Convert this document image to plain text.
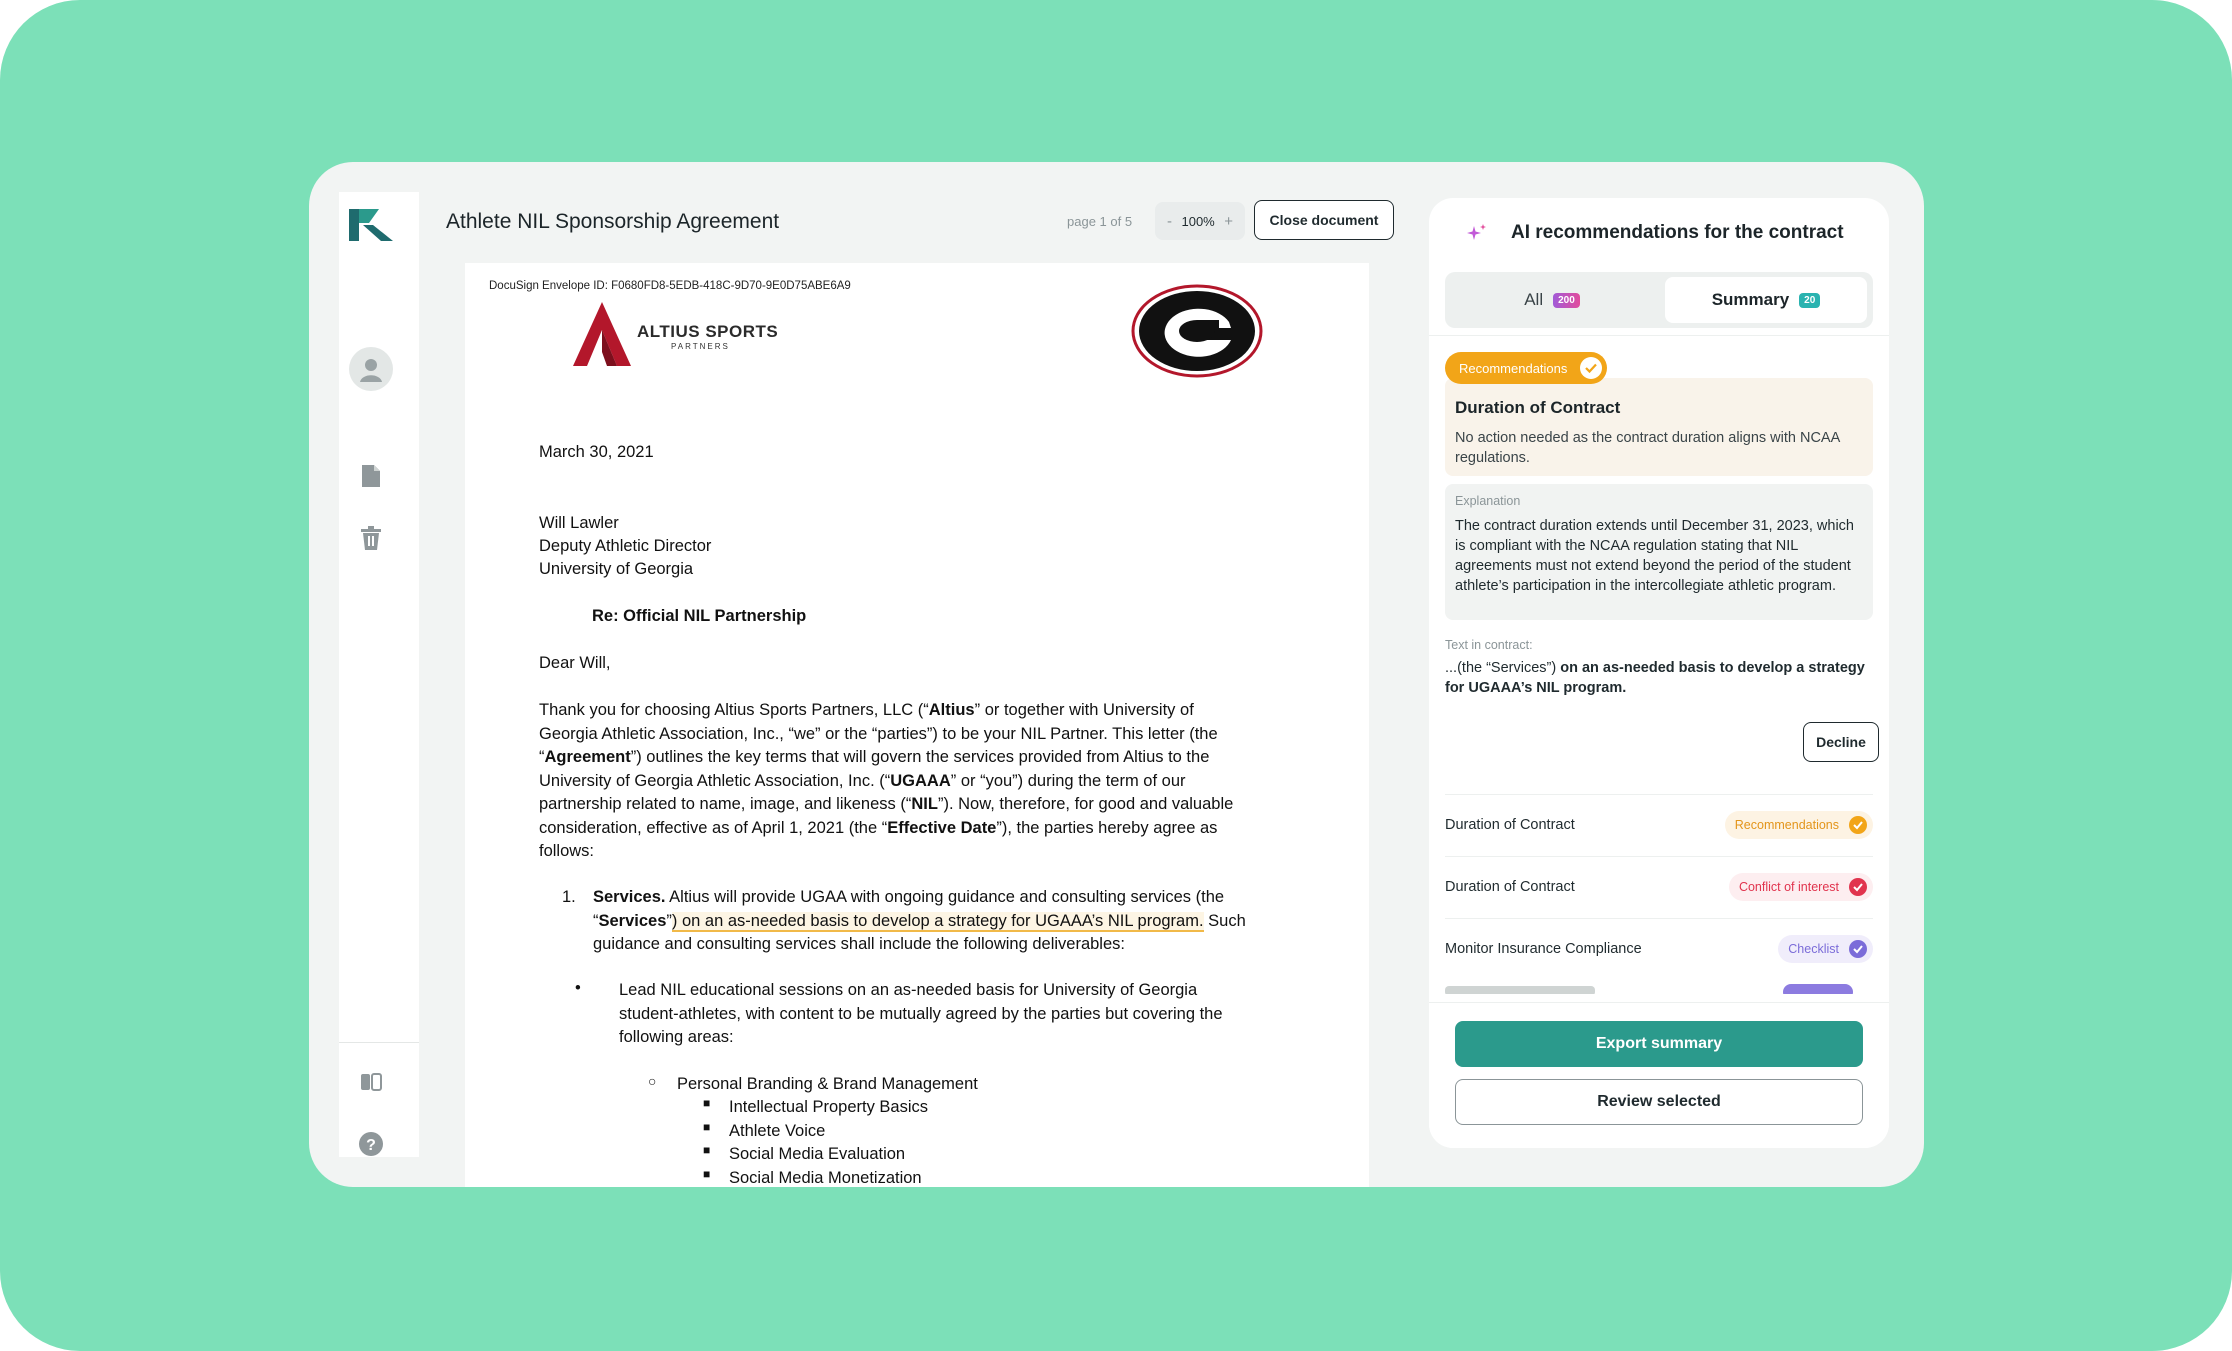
?
Athlete NIL Sponsorship Agreement	page 1 of 5 - 100% +	Close document
DocuSign Envelope ID: F0680FD8-5EDB-418C-9D70-9E0D75ABE6A9
ALTIUS SPORTS
PARTNERS
March 30, 2021
Will Lawler
Deputy Athletic Director
University of Georgia
Re: Official NIL Partnership
Dear Will,
Thank you for choosing Altius Sports Partners, LLC (“Altius” or together with University of
Georgia Athletic Association, Inc., “we” or the “parties”) to be your NIL Partner. This letter (the
“Agreement”) outlines the key terms that will govern the services provided from Altius to the
University of Georgia Athletic Association, Inc. (“UGAAA” or “you”) during the term of our
partnership related to name, image, and likeness (“NIL”). Now, therefore, for good and valuable
consideration, effective as of April 1, 2021 (the “Effective Date”), the parties hereby agree as
follows:
1. Services. Altius will provide UGAA with ongoing guidance and consulting services (the
“Services”) on an as-needed basis to develop a strategy for UGAAA’s NIL program. Such
guidance and consulting services shall include the following deliverables:
• Lead NIL educational sessions on an as-needed basis for University of Georgia
student-athletes, with content to be mutually agreed by the parties but covering the
following areas:
○ Personal Branding & Brand Management
■ Intellectual Property Basics
■ Athlete Voice
■ Social Media Evaluation
■ Social Media Monetization
AI recommendations for the contract
All	200	Summary	20
Duration of Contract
No action needed as the contract duration aligns with NCAA regulations.
Recommendations
Explanation
The contract duration extends until December 31, 2023, which is compliant with the NCAA regulation stating that NIL agreements must not extend beyond the period of the student athlete’s participation in the intercollegiate athletic program.
Text in contract:
...(the “Services”) on an as-needed basis to develop a strategy for UGAAA’s NIL program.
Decline
Duration of Contract	Recommendations
Duration of Contract	Conflict of interest
Monitor Insurance Compliance	Checklist
Export summary
Review selected
